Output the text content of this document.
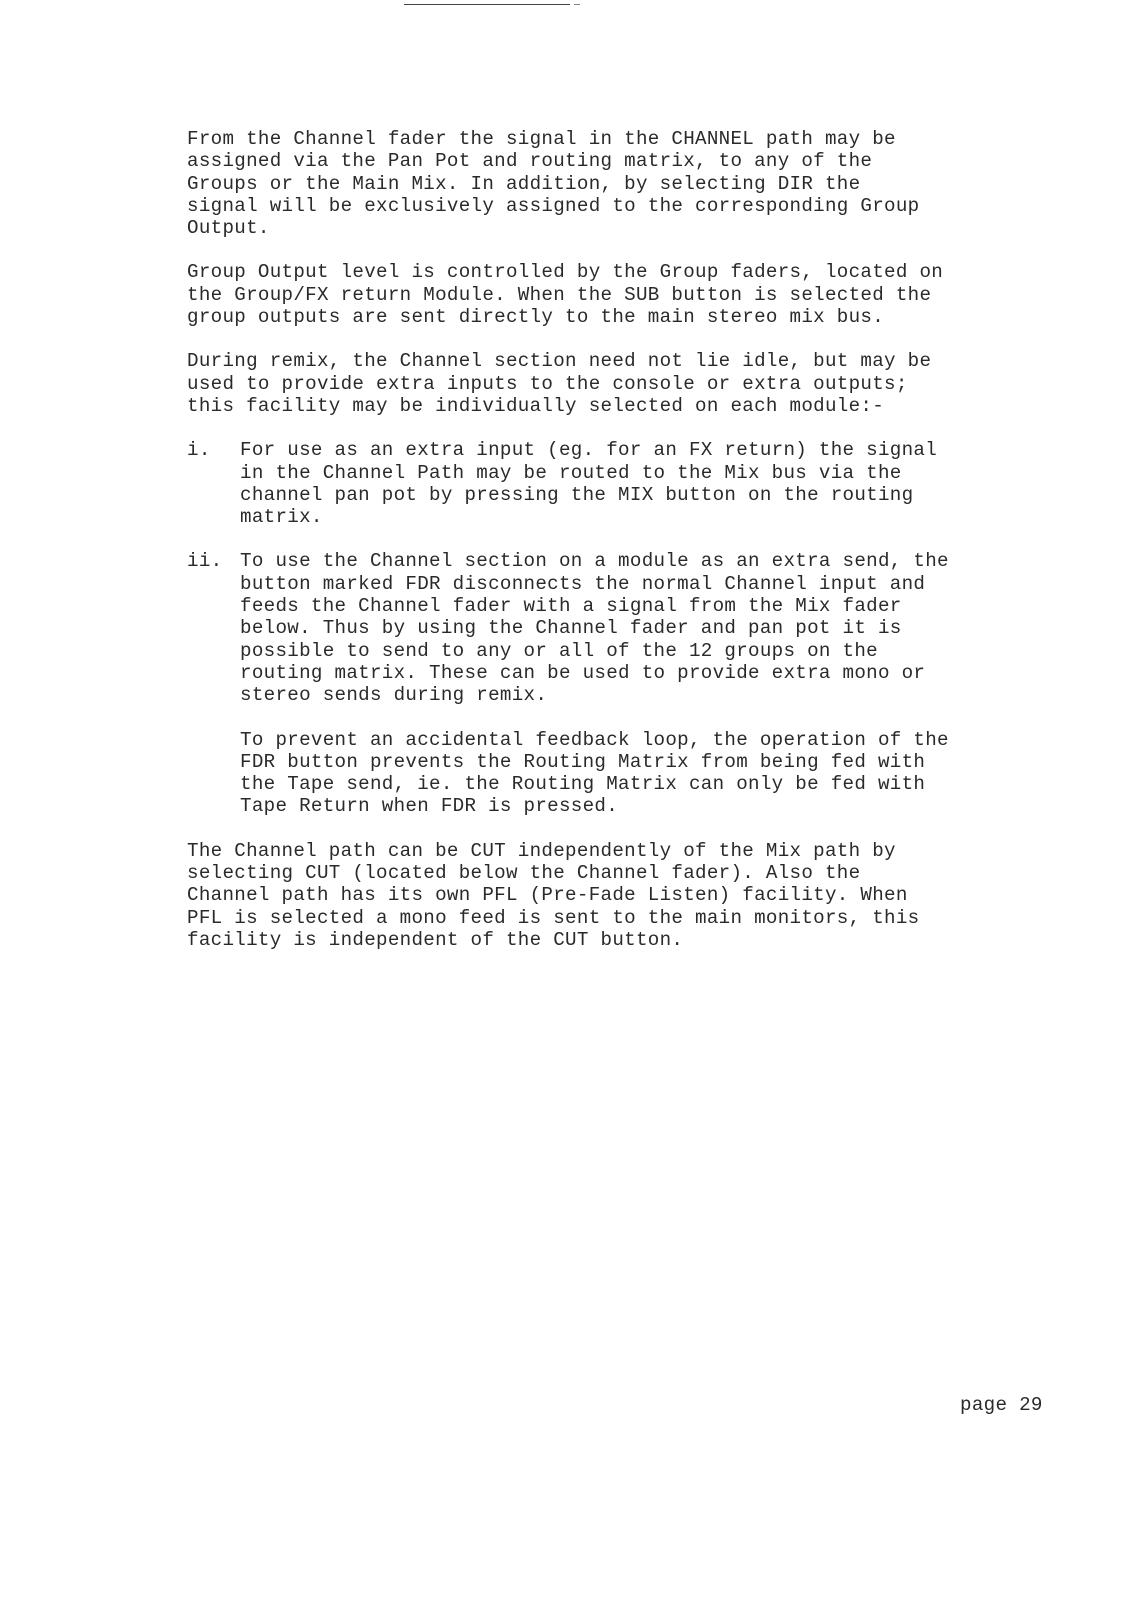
From the Channel fader the signal in the CHANNEL path may be
assigned via the Pan Pot and routing matrix, to any of the
Groups or the Main Mix. In addition, by selecting DIR the
signal will be exclusively assigned to the corresponding Group
Output.

Group Output level is controlled by the Group faders, located on
the Group/FX return Module. When the SUB button is selected the
group outputs are sent directly to the main stereo mix bus.

During remix, the Channel section need not lie idle, but may be
used to provide extra inputs to the console or extra outputs;
this facility may be individually selected on each module:-

i.	For use as an extra input (eg. for an FX return) the signal
in the Channel Path may be routed to the Mix bus via the
channel pan pot by pressing the MIX button on the routing
matrix.
ii. To use the Channel section on a module as an extra send, the
button marked FDR disconnects the normal Channel input and
feeds the Channel fader with a signal from the Mix fader
below. Thus by using the Channel fader and pan pot it is
possible to send to any or all of the 12 groups on the
routing matrix. These can be used to provide extra mono or
stereo sends during remix.

To prevent an accidental feedback loop, the operation of the
FDR button prevents the Routing Matrix from being fed with
the Tape send, ie. the Routing Matrix can only be fed with
Tape Return when FDR is pressed.

The Channel path can be CUT independently of the Mix path by
selecting CUT (located below the Channel fader). Also the
Channel path has its own PFL (Pre-Fade Listen) facility. When
PFL is selected a mono feed is sent to the main monitors, this
facility is independent of the CUT button.

page 29
